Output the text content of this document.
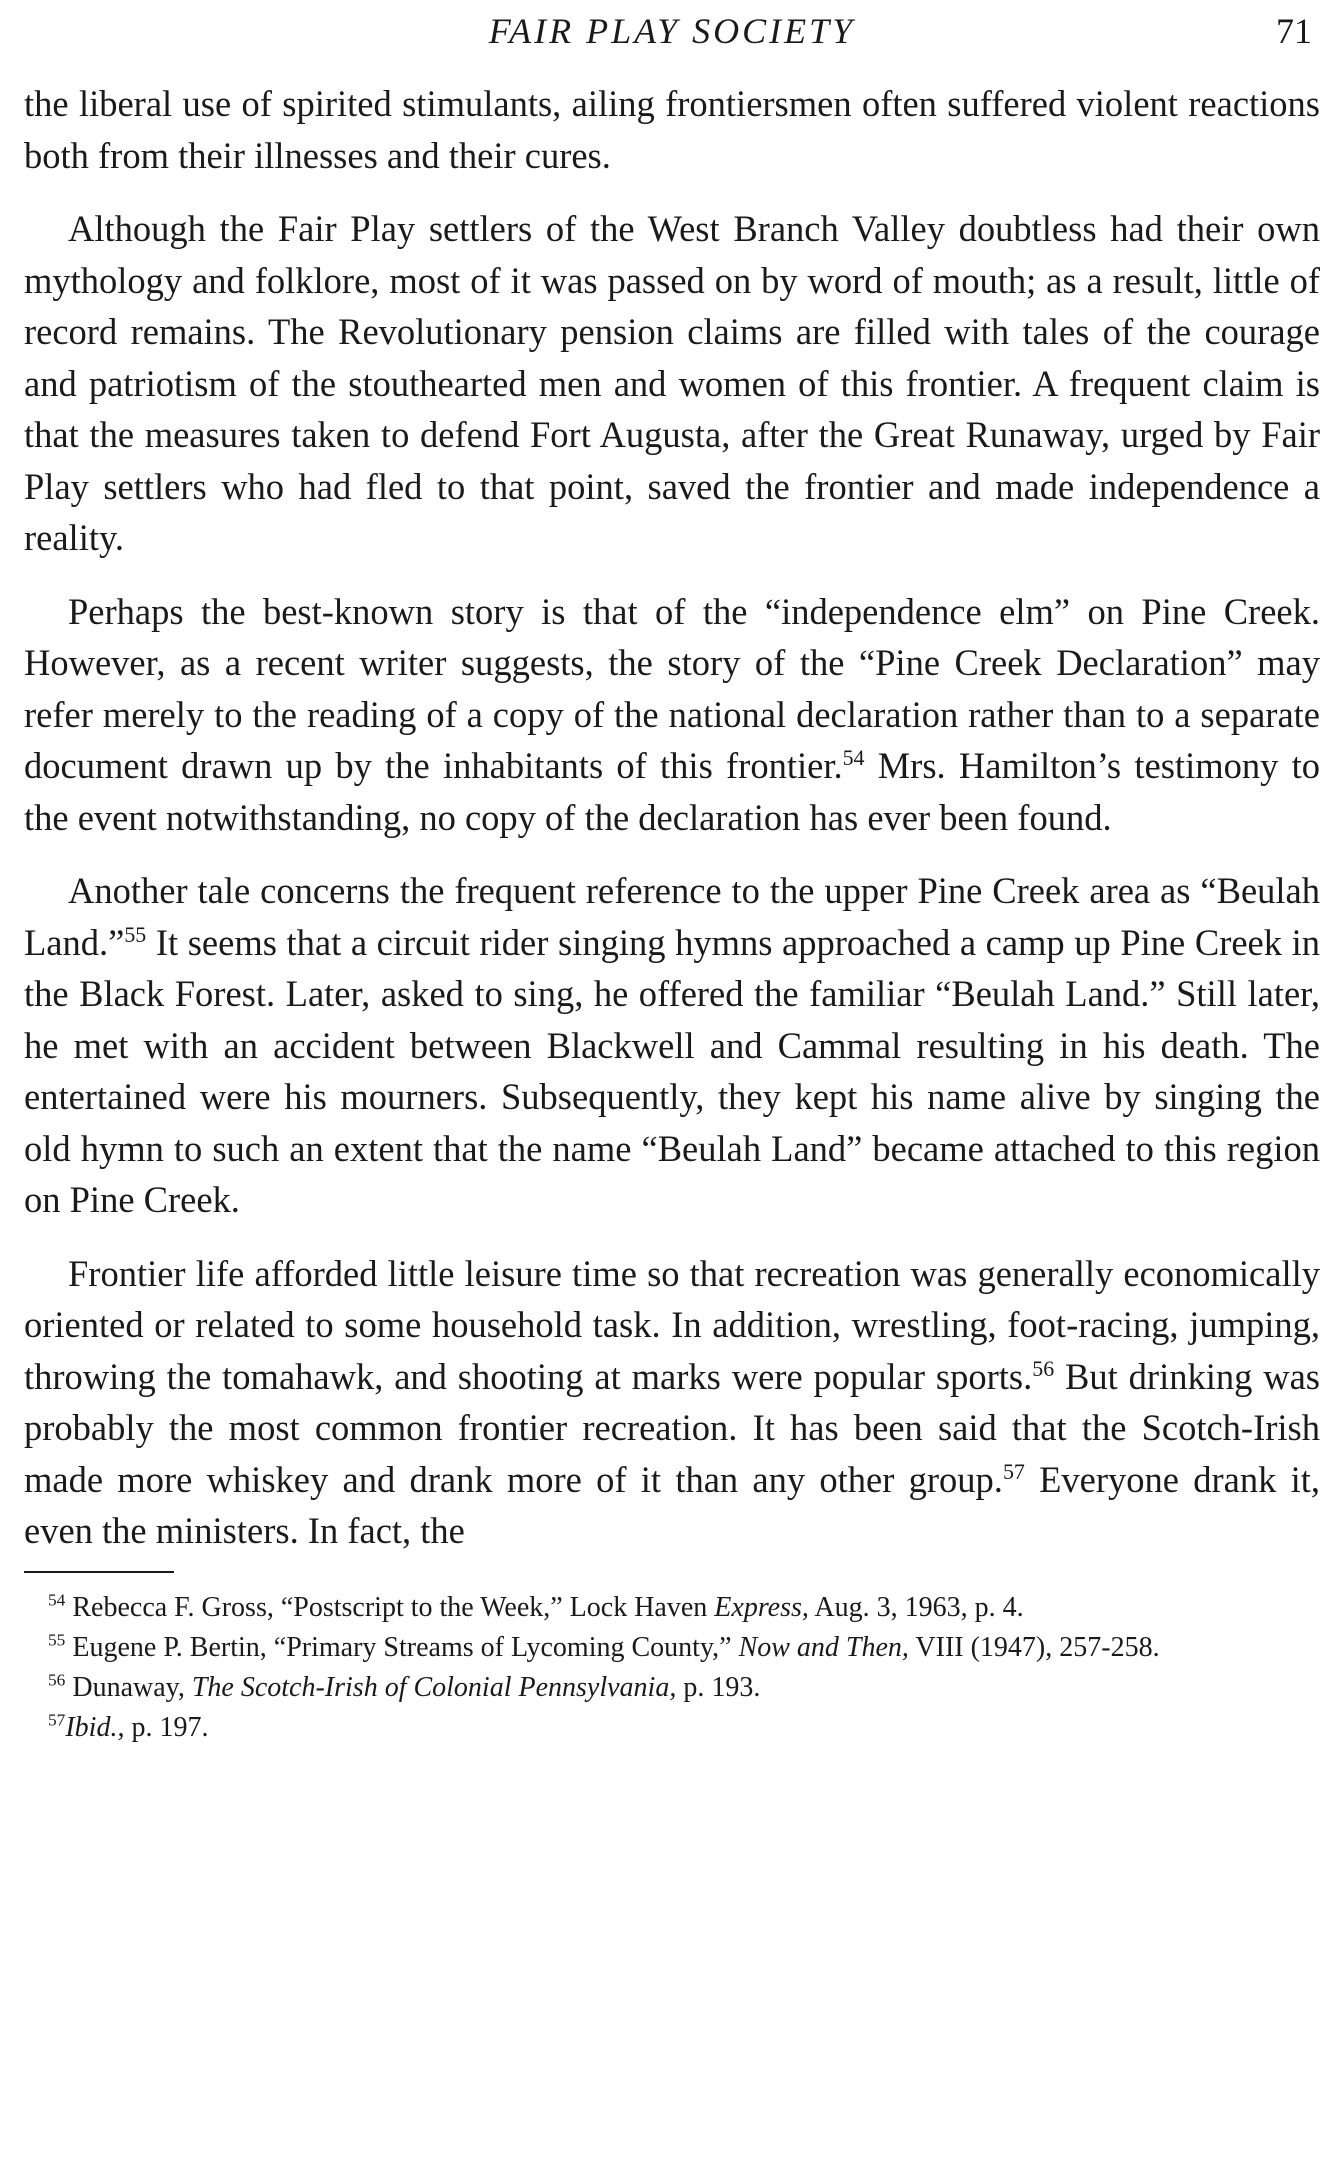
FAIR PLAY SOCIETY	71

the liberal use of spirited stimulants, ailing frontiersmen often suffered violent reactions both from their illnesses and their cures.

Although the Fair Play settlers of the West Branch Valley doubtless had their own mythology and folklore, most of it was passed on by word of mouth; as a result, little of record remains. The Revolutionary pension claims are filled with tales of the courage and patriotism of the stouthearted men and women of this frontier. A frequent claim is that the measures taken to defend Fort Augusta, after the Great Runaway, urged by Fair Play settlers who had fled to that point, saved the frontier and made independence a reality.

Perhaps the best-known story is that of the “independence elm” on Pine Creek. However, as a recent writer suggests, the story of the “Pine Creek Declaration” may refer merely to the reading of a copy of the national declaration rather than to a separate document drawn up by the inhabitants of this frontier.$^{54}$ Mrs. Hamilton’s testimony to the event notwithstanding, no copy of the declaration has ever been found.

Another tale concerns the frequent reference to the upper Pine Creek area as “Beulah Land.”$^{55}$ It seems that a circuit rider singing hymns approached a camp up Pine Creek in the Black Forest. Later, asked to sing, he offered the familiar “Beulah Land.” Still later, he met with an accident between Blackwell and Cammal resulting in his death. The entertained were his mourners. Subsequently, they kept his name alive by singing the old hymn to such an extent that the name “Beulah Land” became attached to this region on Pine Creek.

Frontier life afforded little leisure time so that recreation was generally economically oriented or related to some household task. In addition, wrestling, foot-racing, jumping, throwing the tomahawk, and shooting at marks were popular sports.$^{56}$ But drinking was probably the most common frontier recreation. It has been said that the Scotch-Irish made more whiskey and drank more of it than any other group.$^{57}$ Everyone drank it, even the ministers. In fact, the

$^{54}$ Rebecca F. Gross, “Postscript to the Week,” Lock Haven Express, Aug. 3, 1963, p. 4.
$^{55}$ Eugene P. Bertin, “Primary Streams of Lycoming County,” Now and Then, VIII (1947), 257-258.
$^{56}$ Dunaway, The Scotch-Irish of Colonial Pennsylvania, p. 193.
$^{57}$Ibid., p. 197.
